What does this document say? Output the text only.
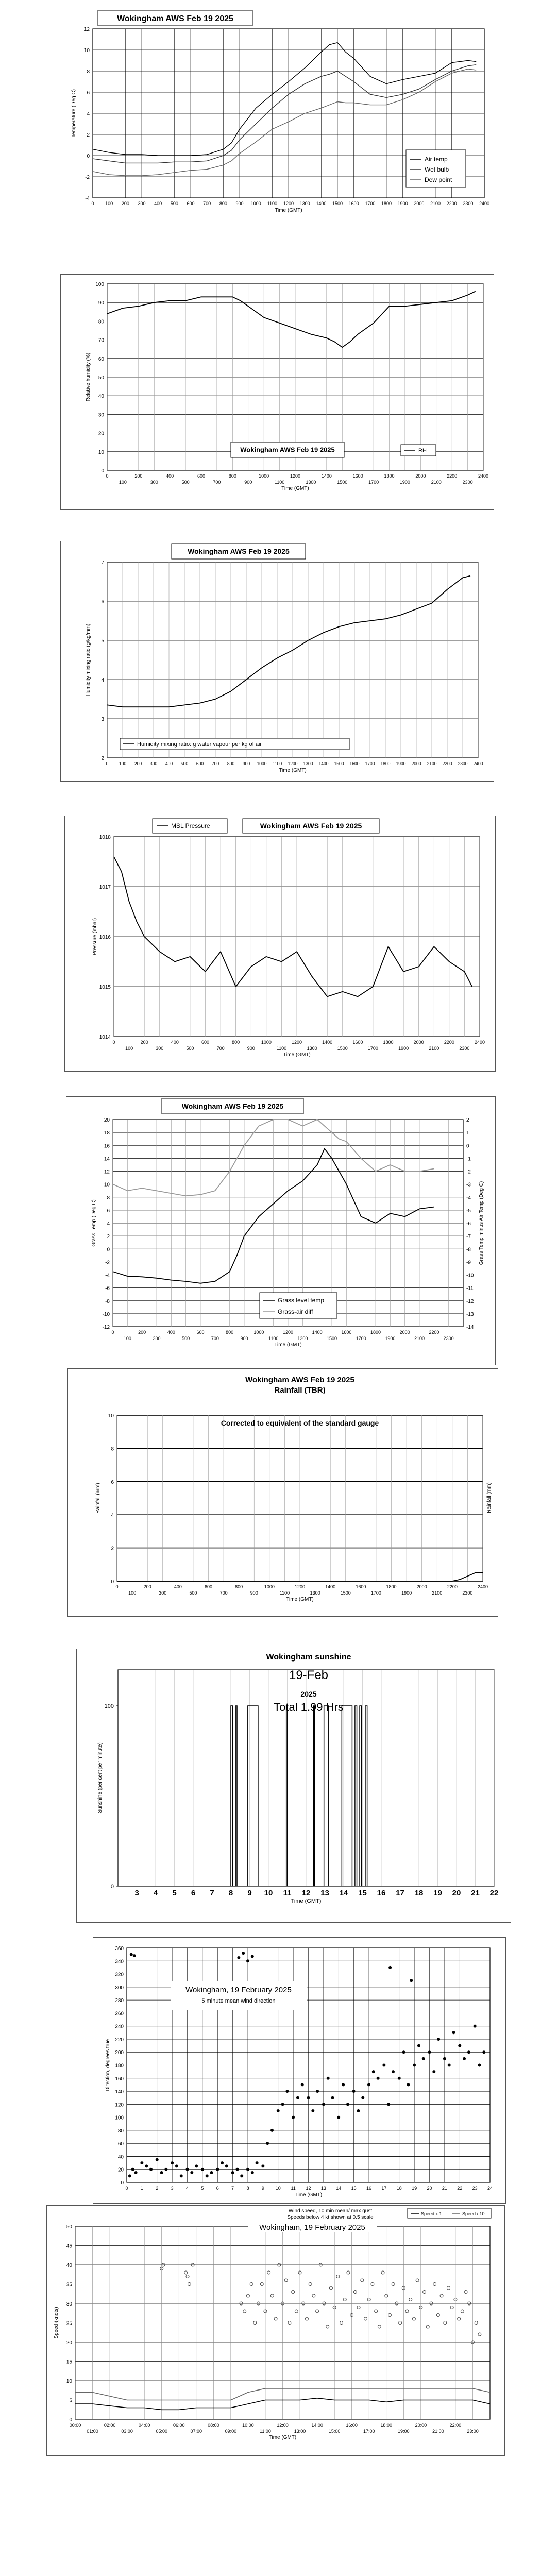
-4
-2
0
2
4
6
8
10
12
0 100 200 300 400 500 600 700 800 900 1000 1100 1200 1300 1400 1500 1600 1700 1800 1900 2000 2100 2200 2300 2400
Time (GMT)
Temperature (Deg C)
Wokingham AWS Feb 19 2025
Air temp
Wet bulb
Dew point
0
10
20
30
40
50
60
70
80
90
100
0	200	400	600	800	1000	1200	1400	1600	1800	2000	2200	2400
100	300	500	700	900	1100	1300	1500	1700	1900	2100	2300
Time (GMT)
Relative humidity (%)
Wokingham AWS Feb 19 2025	RH
2
3
4
5
6
7
0 100 200 300 400 500 600 700 800 900 1000 1100 1200 1300 1400 1500 1600 1700 1800 1900 2000 2100 2200 2300 2400
Time (GMT)
Humidity mixing ratio (g/kg/mm)
Wokingham AWS Feb 19 2025
Humidity mixing ratio: g water vapour per kg of air
1014
1015
1016
1017
1018
0	200	400	600	800	1000	1200	1400	1600	1800	2000	2200	2400
100	300	500	700	900	1100	1300	1500	1700	1900	2100	2300
Time (GMT)
Pressure (mbar)
MSL Pressure	Wokingham AWS Feb 19 2025
-12
-10
-8
-6
-4
-2
0
2
4
6
8
10
12
14
16
18
20
0	200	400	600	800	1000	1200	1400	1600	1800	2000	2200
100	300	500	700	900	1100	1300	1500	1700	1900	2100	2300
Time (GMT)
Grass Temp (Deg C)
-14
-13
-12
-11
-10
-9
-8
-7
-6
-5
-4
-3
-2
-1
0
1
2
Grass Temp minus Air Temp (Deg C)
Wokingham AWS Feb 19 2025
Grass level temp
Grass-air diff
0
2
4
6
8
10
0	200	400	600	800	1000	1200	1400	1600	1800	2000	2200	2400
100	300	500	700	900	1100	1300	1500	1700	1900	2100	2300
Time (GMT)
Rainfall (mm)
Wokingham AWS Feb 19 2025
Rainfall (TBR)
Corrected to equivalent of the standard gauge
Rainfall (mm)
0
100
3 4 5 6 7 8 9 10 11 12 13 14 15 16 17 18 19 20 21 22
Time (GMT)
Sunshine (per cent per minute)
Wokingham sunshine
19-Feb
2025
Total 1.99 Hrs
0
20
40
60
80
100
120
140
160
180
200
220
240
260
280
300
320
340
360
0	1	2	3	4	5	6	7	8	9 10 11 12 13 14 15 16 17 18 19 20 21 22 23 24
Time (GMT)
Direction, degrees true
Wokingham, 19 February 2025
5 minute mean wind direction
0
5
10
15
20
25
30
35
40
45
50
00:00	02:00	04:00	06:00	08:00	10:00	12:00	14:00	16:00	18:00	20:00	22:00
01:00	03:00	05:00	07:00	09:00	11:00	13:00	15:00	17:00	19:00	21:00	23:00
Time (GMT)
Speed (knots)
Wind speed, 10 min mean/ max gust
Speeds below 4 kt shown at 0.5 scale
Wokingham, 19 February 2025
Speed x 1	Speed / 10
